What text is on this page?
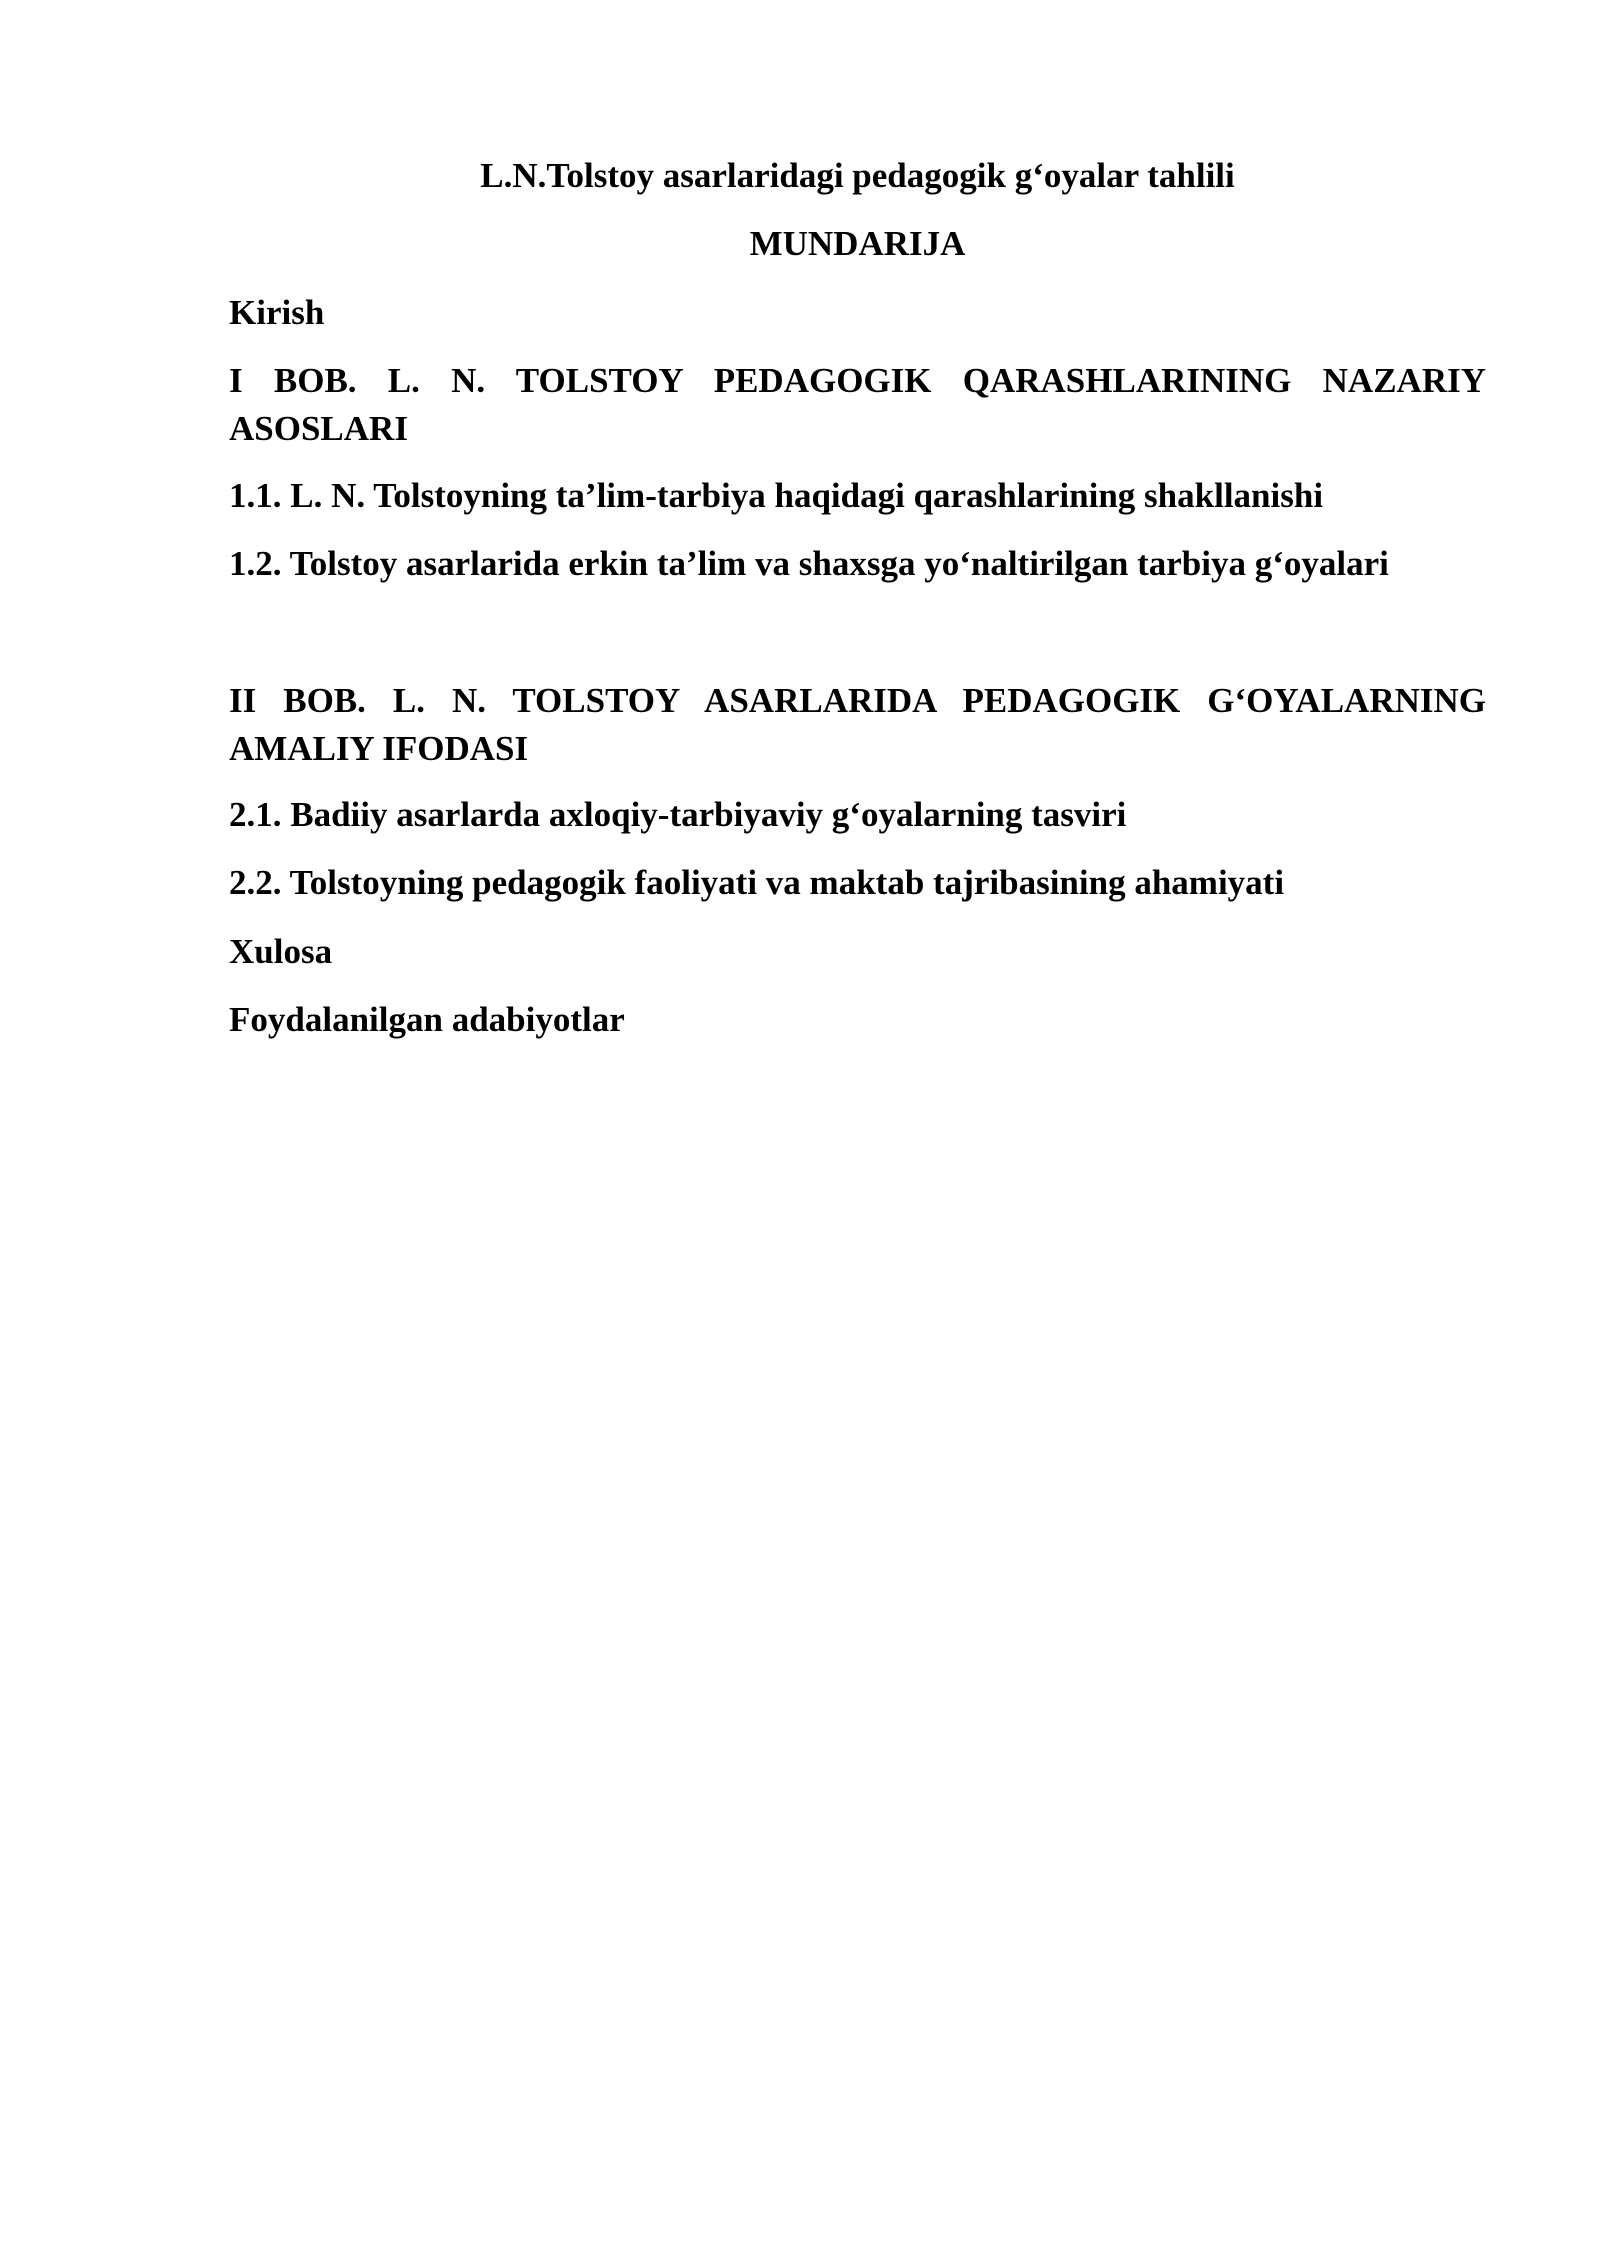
L.N.Tolstoy asarlaridagi pedagogik g‘oyalar tahlili

MUNDARIJA

Kirish

I BOB. L. N. TOLSTOY PEDAGOGIK QARASHLARINING NAZARIY ASOSLARI

1.1. L. N. Tolstoyning ta’lim-tarbiya haqidagi qarashlarining shakllanishi

1.2. Tolstoy asarlarida erkin ta’lim va shaxsga yo‘naltirilgan tarbiya g‘oyalari

II BOB. L. N. TOLSTOY ASARLARIDA PEDAGOGIK G‘OYALARNING AMALIY IFODASI

2.1. Badiiy asarlarda axloqiy-tarbiyaviy g‘oyalarning tasviri

2.2. Tolstoyning pedagogik faoliyati va maktab tajribasining ahamiyati

Xulosa

Foydalanilgan adabiyotlar
